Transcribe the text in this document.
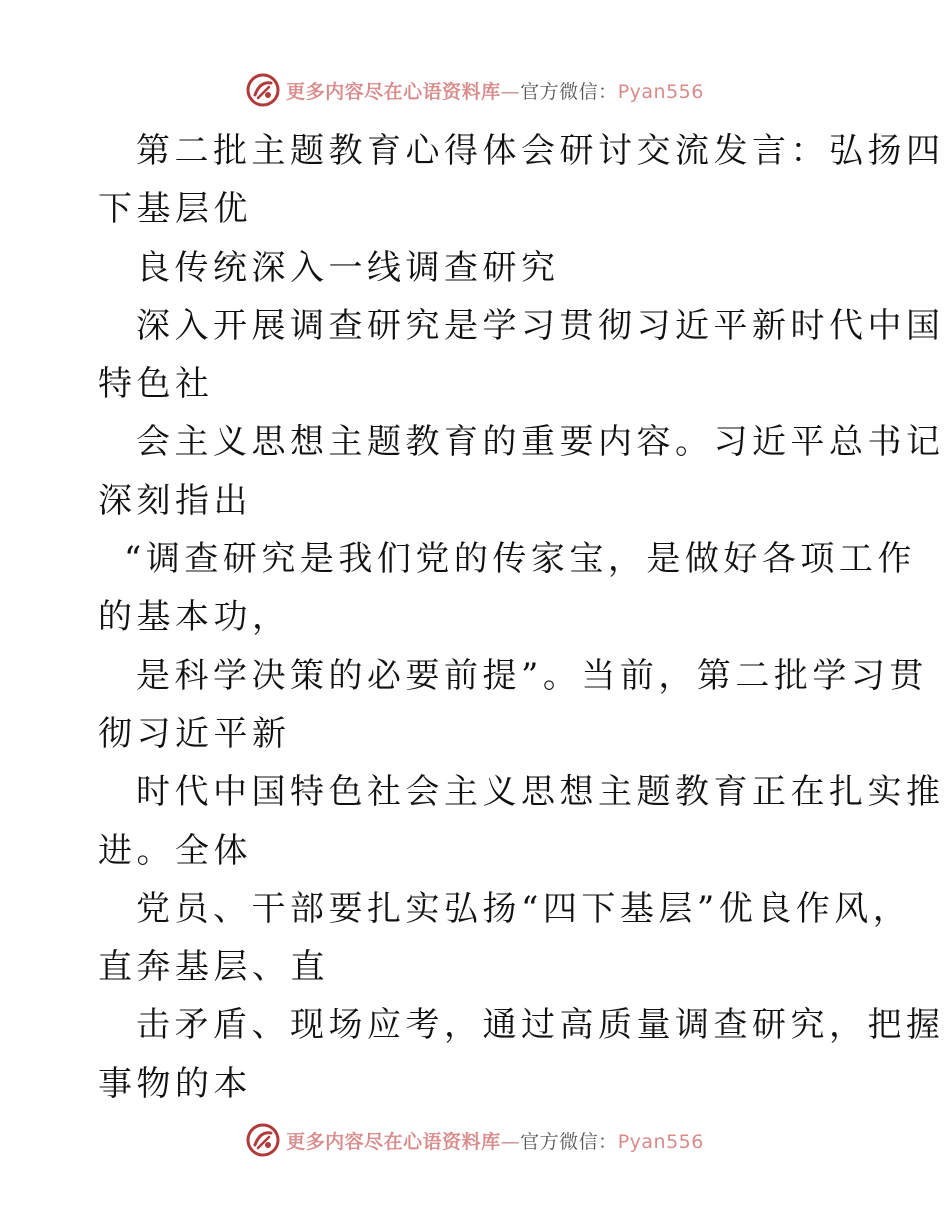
更多内容尽在心语资料库—官方微信：Pyan556
第二批主题教育心得体会研讨交流发言：弘扬四
下基层优
良传统深入一线调查研究
深入开展调查研究是学习贯彻习近平新时代中国
特色社
会主义思想主题教育的重要内容。习近平总书记
深刻指出
“调查研究是我们党的传家宝，是做好各项工作
的基本功，
是科学决策的必要前提”。当前，第二批学习贯
彻习近平新
时代中国特色社会主义思想主题教育正在扎实推
进。全体
党员、干部要扎实弘扬“四下基层”优良作风，
直奔基层、直
击矛盾、现场应考，通过高质量调查研究，把握
事物的本
更多内容尽在心语资料库—官方微信：Pyan556
